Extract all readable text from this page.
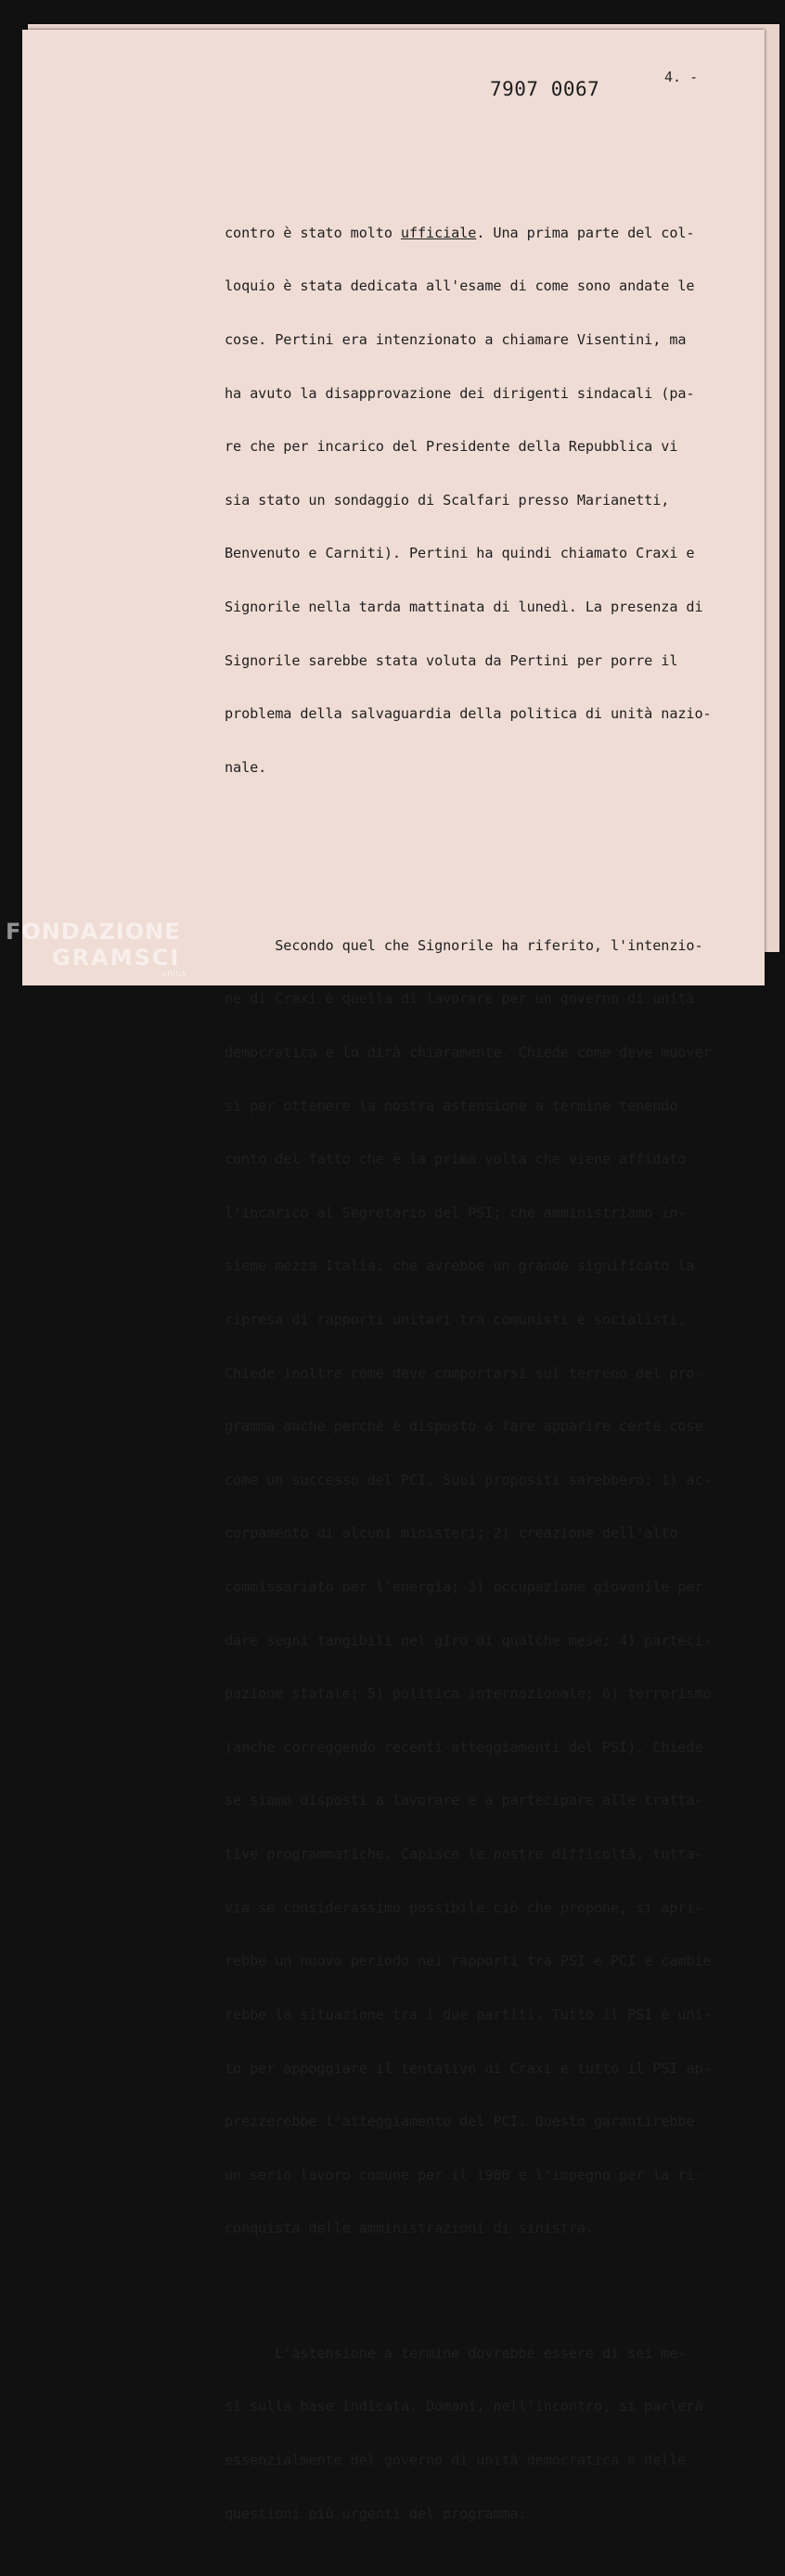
7907 0067
4. -

contro è stato molto ufficiale. Una prima parte del col-

loquio è stata dedicata all'esame di come sono andate le

cose. Pertini era intenzionato a chiamare Visentini, ma

ha avuto la disapprovazione dei dirigenti sindacali (pa-

re che per incarico del Presidente della Repubblica vi

sia stato un sondaggio di Scalfari presso Marianetti,

Benvenuto e Carniti). Pertini ha quindi chiamato Craxi e

Signorile nella tarda mattinata di lunedì. La presenza di

Signorile sarebbe stata voluta da Pertini per porre il

problema della salvaguardia della politica di unità nazio-

nale.

Secondo quel che Signorile ha riferito, l'intenzio-

ne di Craxi è quella di lavorare per un governo di unità

democratica e lo dirà chiaramente. Chiede come deve muover

si per ottenere la nostra astensione a termine tenendo

conto del fatto che è la prima volta che viene affidato

l'incarico al Segretario del PSI; che amministriamo in-

sieme mezza Italia; che avrebbe un grande significato la

ripresa di rapporti unitari tra comunisti e socialisti.

Chiede inoltre come deve comportarsi sul terreno del pro-

gramma anche perchè è disposto a fare apparire certe cose

come un successo del PCI. Suoi propositi sarebbero: 1) ac-

corpamento di alcuni ministeri; 2) creazione dell'alto

commissariato per l'energia; 3) occupazione giovanile per

dare segni tangibili nel giro di qualche mese; 4) parteci-

pazione statale; 5) politica internazionale; 6) terrorismo

(anche correggendo recenti atteggiamenti del PSI). Chiede

se siamo disposti a lavorare e a partecipare alle tratta-

tive programmatiche. Capisce le nostre difficoltà, tutta-

via se considerassimo possibile ciò che propone, si apri-

rebbe un nuovo periodo nei rapporti tra PSI e PCI e cambie

rebbe la situazione tra i due partiti. Tutto il PSI è uni-

to per appoggiare il tentativo di Craxi e tutto il PSI ap-

prezzerebbe l'atteggiamento del PCI. Questo garantirebbe

un serio lavoro comune per il 1980 e l'impegno per la ri-

conquista delle amministrazioni di sinistra.

L'astensione a termine dovrebbe essere di sei me-

si sulla base indicata. Domani, nell'incontro, si parlerà

essenzialmente del governo di unità democratica e delle

questioni più urgenti del programma.

FONDAZIONE
GRAMSCI
onlus
